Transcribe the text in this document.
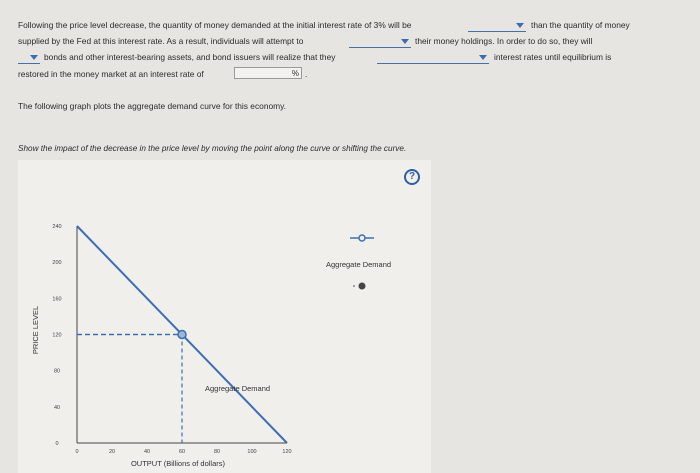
Following the price level decrease, the quantity of money demanded at the initial interest rate of 3% will be	than the quantity of money
supplied by the Fed at this interest rate. As a result, individuals will attempt to	their money holdings. In order to do so, they will
bonds and other interest-bearing assets, and bond issuers will realize that they	interest rates until equilibrium is
restored in the money market at an interest rate of	% .
The following graph plots the aggregate demand curve for this economy.
Show the impact of the decrease in the price level by moving the point along the curve or shifting the curve.
?
0
40
80
120
160
200
240
0	20	40	60	80	100	120
PRICE LEVEL
OUTPUT (Billions of dollars)
Aggregate Demand
Aggregate Demand
